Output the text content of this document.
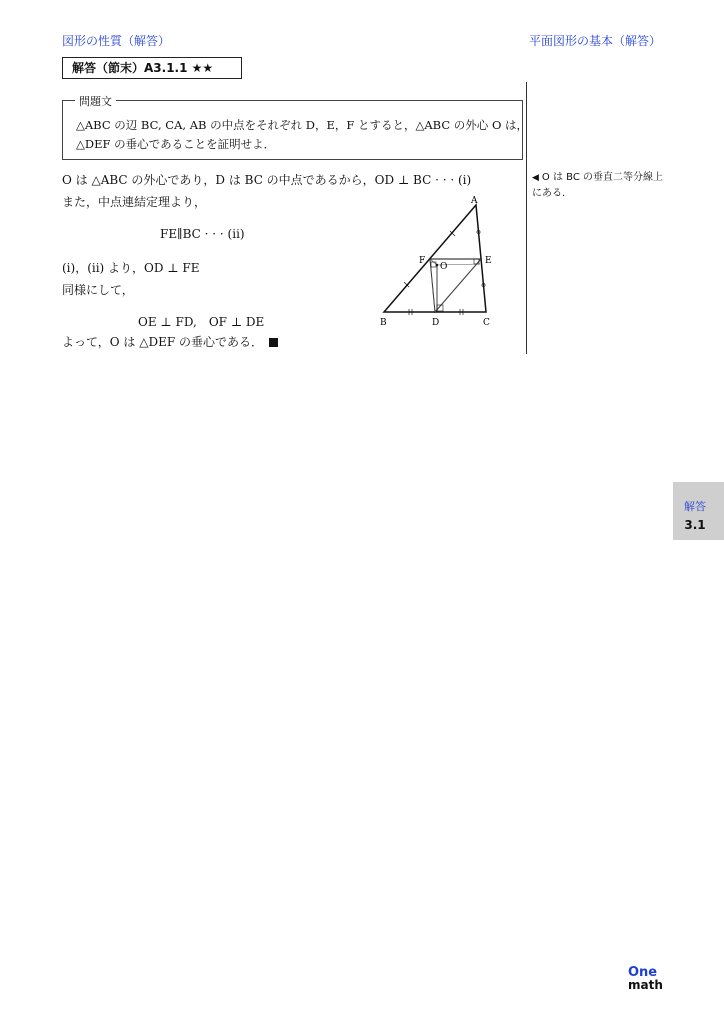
図形の性質（解答）	平面図形の基本（解答）
解答（節末）A3.1.1 ★★
問題文
△ABC の辺 BC, CA, AB の中点をそれぞれ D，E，F とすると，△ABC の外心 O は，
△DEF の垂心であることを証明せよ．
O は △ABC の外心であり，D は BC の中点であるから，OD ⊥ BC · · · (i)
また，中点連結定理より，
FE∥BC · · · (ii)
(i)，(ii) より，OD ⊥ FE
同様にして，
OE ⊥ FD,　OF ⊥ DE
よって，O は △DEF の垂心である．
◀ O は BC の垂直二等分線上にある．
A
B	C
D
E
F
O
解答
3.1
One
math
